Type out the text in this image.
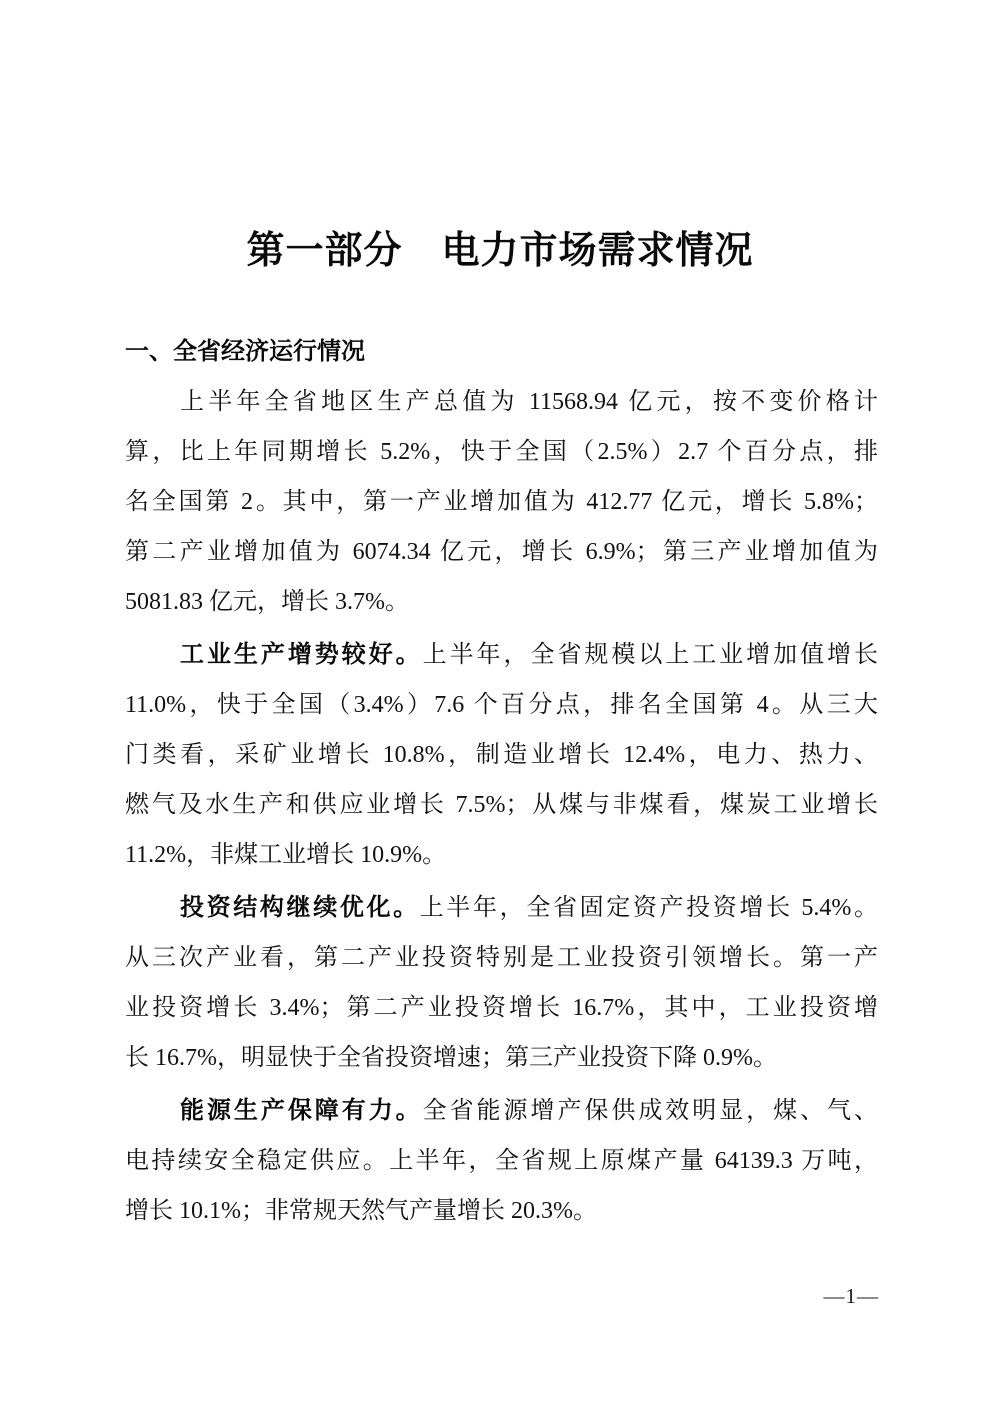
第一部分　电力市场需求情况
一、全省经济运行情况
上半年全省地区生产总值为 11568.94 亿元，按不变价格计
算，比上年同期增长 5.2%，快于全国（2.5%）2.7 个百分点，排
名全国第 2。其中，第一产业增加值为 412.77 亿元，增长 5.8%；
第二产业增加值为 6074.34 亿元，增长 6.9%；第三产业增加值为
5081.83 亿元，增长 3.7%。
工业生产增势较好。上半年，全省规模以上工业增加值增长
11.0%，快于全国（3.4%）7.6 个百分点，排名全国第 4。从三大
门类看，采矿业增长 10.8%，制造业增长 12.4%，电力、热力、
燃气及水生产和供应业增长 7.5%；从煤与非煤看，煤炭工业增长
11.2%，非煤工业增长 10.9%。
投资结构继续优化。上半年，全省固定资产投资增长 5.4%。
从三次产业看，第二产业投资特别是工业投资引领增长。第一产
业投资增长 3.4%；第二产业投资增长 16.7%，其中，工业投资增
长 16.7%，明显快于全省投资增速；第三产业投资下降 0.9%。
能源生产保障有力。全省能源增产保供成效明显，煤、气、
电持续安全稳定供应。上半年，全省规上原煤产量 64139.3 万吨，
增长 10.1%；非常规天然气产量增长 20.3%。
—1—
